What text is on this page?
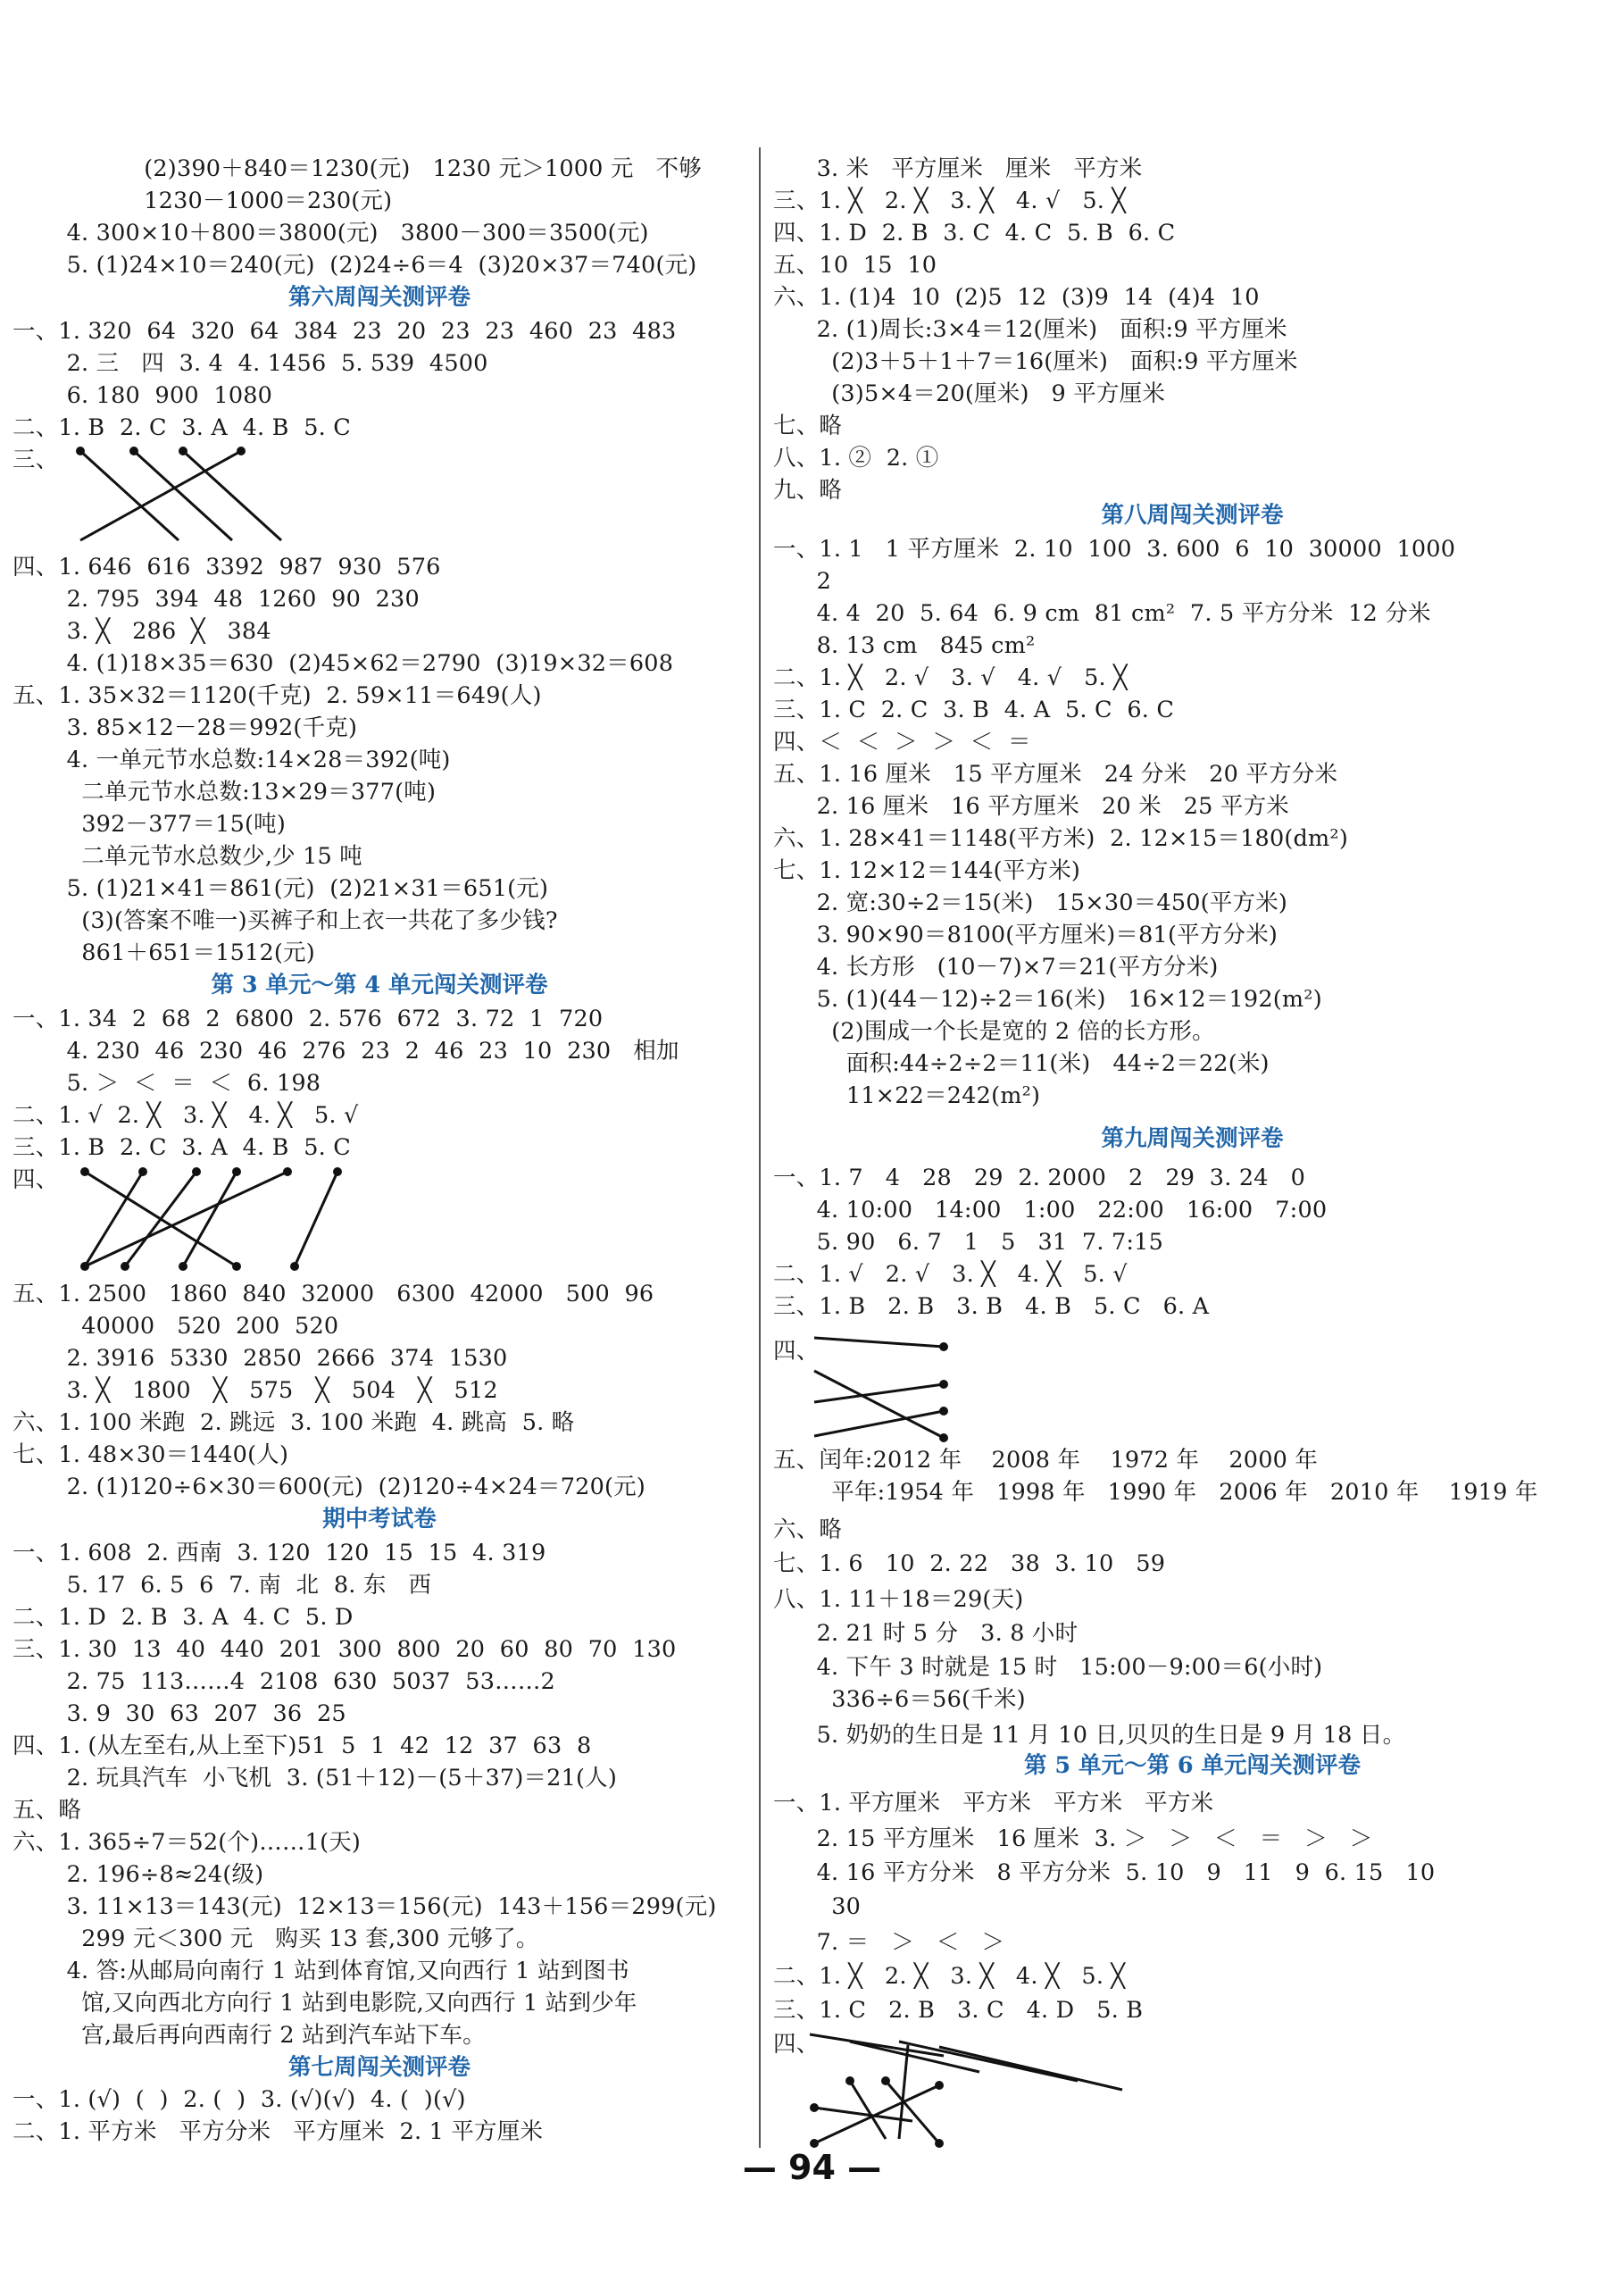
(2)390＋840＝1230(元)   1230 元＞1000 元   不够
1230－1000＝230(元)
4. 300×10＋800＝3800(元)   3800－300＝3500(元)
5. (1)24×10＝240(元)  (2)24÷6＝4  (3)20×37＝740(元)
第六周闯关测评卷
一、1. 320  64  320  64  384  23  20  23  23  460  23  483
2. 三   四  3. 4  4. 1456  5. 539  4500
6. 180  900  1080
二、1. B  2. C  3. A  4. B  5. C
三、
四、1. 646  616  3392  987  930  576
2. 795  394  48  1260  90  230
3. ╳   286  ╳   384
4. (1)18×35＝630  (2)45×62＝2790  (3)19×32＝608
五、1. 35×32＝1120(千克)  2. 59×11＝649(人)
3. 85×12－28＝992(千克)
4. 一单元节水总数:14×28＝392(吨)
二单元节水总数:13×29＝377(吨)
392－377＝15(吨)
二单元节水总数少,少 15 吨
5. (1)21×41＝861(元)  (2)21×31＝651(元)
(3)(答案不唯一)买裤子和上衣一共花了多少钱?
861＋651＝1512(元)
第 3 单元～第 4 单元闯关测评卷
一、1. 34  2  68  2  6800  2. 576  672  3. 72  1  720
4. 230  46  230  46  276  23  2  46  23  10  230   相加
5. ＞  ＜  ＝  ＜  6. 198
二、1. √  2. ╳   3. ╳   4. ╳   5. √
三、1. B  2. C  3. A  4. B  5. C
四、
五、1. 2500   1860  840  32000   6300  42000   500  96
40000   520  200  520
2. 3916  5330  2850  2666  374  1530
3. ╳   1800   ╳   575   ╳   504   ╳   512
六、1. 100 米跑  2. 跳远  3. 100 米跑  4. 跳高  5. 略
七、1. 48×30＝1440(人)
2. (1)120÷6×30＝600(元)  (2)120÷4×24＝720(元)
期中考试卷
一、1. 608  2. 西南  3. 120  120  15  15  4. 319
5. 17  6. 5  6  7. 南  北  8. 东   西
二、1. D  2. B  3. A  4. C  5. D
三、1. 30  13  40  440  201  300  800  20  60  80  70  130
2. 75  113……4  2108  630  5037  53……2
3. 9  30  63  207  36  25
四、1. (从左至右,从上至下)51  5  1  42  12  37  63  8
2. 玩具汽车  小飞机  3. (51＋12)－(5＋37)＝21(人)
五、略
六、1. 365÷7＝52(个)……1(天)
2. 196÷8≈24(级)
3. 11×13＝143(元)  12×13＝156(元)  143＋156＝299(元)
299 元＜300 元   购买 13 套,300 元够了。
4. 答:从邮局向南行 1 站到体育馆,又向西行 1 站到图书
馆,又向西北方向行 1 站到电影院,又向西行 1 站到少年
宫,最后再向西南行 2 站到汽车站下车。
第七周闯关测评卷
一、1. (√)  (  )  2. (  )  3. (√)(√)  4. (  )(√)
二、1. 平方米   平方分米   平方厘米  2. 1 平方厘米
3. 米   平方厘米   厘米   平方米
三、1. ╳   2. ╳   3. ╳   4. √   5. ╳
四、1. D  2. B  3. C  4. C  5. B  6. C
五、10  15  10
六、1. (1)4  10  (2)5  12  (3)9  14  (4)4  10
2. (1)周长:3×4＝12(厘米)   面积:9 平方厘米
(2)3＋5＋1＋7＝16(厘米)   面积:9 平方厘米
(3)5×4＝20(厘米)   9 平方厘米
七、略
八、1. ②  2. ①
九、略
第八周闯关测评卷
一、1. 1   1 平方厘米  2. 10  100  3. 600  6  10  30000  1000
2
4. 4  20  5. 64  6. 9 cm  81 cm²  7. 5 平方分米  12 分米
8. 13 cm   845 cm²
二、1. ╳   2. √   3. √   4. √   5. ╳
三、1. C  2. C  3. B  4. A  5. C  6. C
四、＜  ＜  ＞  ＞  ＜  ＝
五、1. 16 厘米   15 平方厘米   24 分米   20 平方分米
2. 16 厘米   16 平方厘米   20 米   25 平方米
六、1. 28×41＝1148(平方米)  2. 12×15＝180(dm²)
七、1. 12×12＝144(平方米)
2. 宽:30÷2＝15(米)   15×30＝450(平方米)
3. 90×90＝8100(平方厘米)＝81(平方分米)
4. 长方形   (10－7)×7＝21(平方分米)
5. (1)(44－12)÷2＝16(米)   16×12＝192(m²)
(2)围成一个长是宽的 2 倍的长方形。
面积:44÷2÷2＝11(米)   44÷2＝22(米)
11×22＝242(m²)
第九周闯关测评卷
一、1. 7   4   28   29  2. 2000   2   29  3. 24   0
4. 10:00   14:00   1:00   22:00   16:00   7:00
5. 90   6. 7   1   5   31  7. 7:15
二、1. √   2. √   3. ╳   4. ╳   5. √
三、1. B   2. B   3. B   4. B   5. C   6. A
四、
五、闰年:2012 年    2008 年    1972 年    2000 年
平年:1954 年   1998 年   1990 年   2006 年   2010 年    1919 年
六、略
七、1. 6   10  2. 22   38  3. 10   59
八、1. 11＋18＝29(天)
2. 21 时 5 分   3. 8 小时
4. 下午 3 时就是 15 时   15:00－9:00＝6(小时)
336÷6＝56(千米)
5. 奶奶的生日是 11 月 10 日,贝贝的生日是 9 月 18 日。
第 5 单元～第 6 单元闯关测评卷
一、1. 平方厘米   平方米   平方米   平方米
2. 15 平方厘米   16 厘米  3. ＞   ＞   ＜   ＝   ＞   ＞
4. 16 平方分米   8 平方分米  5. 10   9   11   9  6. 15   10
30
7. ＝   ＞   ＜   ＞
二、1. ╳   2. ╳   3. ╳   4. ╳   5. ╳
三、1. C   2. B   3. C   4. D   5. B
四、
— 94 —
